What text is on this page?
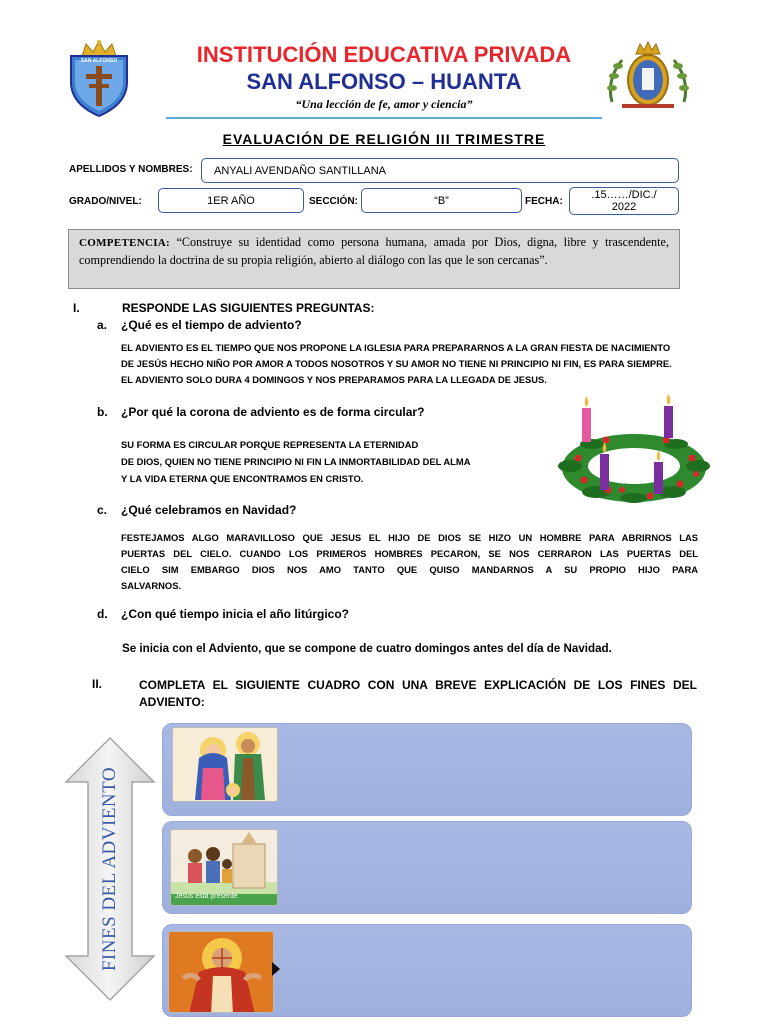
SAN ALFONSO	INSTITUCIÓN EDUCATIVA PRIVADA
SAN ALFONSO – HUANTA
“Una lección de fe, amor y ciencia”
EVALUACIÓN DE RELIGIÓN III TRIMESTRE
APELLIDOS Y NOMBRES: ANYALI AVENDAÑO SANTILLANA
GRADO/NIVEL:	1ER AÑO	SECCIÓN:	“B”	FECHA:
.15……/DIC./
2022
COMPETENCIA: “Construye su identidad como persona humana, amada por Dios, digna, libre y trascendente, comprendiendo la doctrina de su propia religión, abierto al diálogo con las que le son cercanas”.
I.	RESPONDE LAS SIGUIENTES PREGUNTAS:
a. ¿Qué es el tiempo de adviento?
EL ADVIENTO ES EL TIEMPO QUE NOS PROPONE LA IGLESIA PARA PREPARARNOS A LA GRAN FIESTA DE NACIMIENTO
DE JESÚS HECHO NIÑO POR AMOR A TODOS NOSOTROS Y SU AMOR NO TIENE NI PRINCIPIO NI FIN, ES PARA SIEMPRE.
EL ADVIENTO SOLO DURA 4 DOMINGOS Y NOS PREPARAMOS PARA LA LLEGADA DE JESUS.
b. ¿Por qué la corona de adviento es de forma circular?
SU FORMA ES CIRCULAR PORQUE REPRESENTA LA ETERNIDAD
DE DIOS, QUIEN NO TIENE PRINCIPIO NI FIN LA INMORTABILIDAD DEL ALMA
Y LA VIDA ETERNA QUE ENCONTRAMOS EN CRISTO.
c. ¿Qué celebramos en Navidad?
FESTEJAMOS ALGO MARAVILLOSO QUE JESUS EL HIJO DE DIOS SE HIZO UN HOMBRE PARA ABRIRNOS LAS
PUERTAS DEL CIELO. CUANDO LOS PRIMEROS HOMBRES PECARON, SE NOS CERRARON LAS PUERTAS DEL
CIELO SIM EMBARGO DIOS NOS AMO TANTO QUE QUISO MANDARNOS A SU PROPIO HIJO PARA
SALVARNOS.
d. ¿Con qué tiempo inicia el año litúrgico?
Se inicia con el Adviento, que se compone de cuatro domingos antes del día de Navidad.
II.	COMPLETA EL SIGUIENTE CUADRO CON UNA BREVE EXPLICACIÓN DE LOS FINES DEL
ADVIENTO:
FINES DEL ADVIENTO	Jesus está presente
